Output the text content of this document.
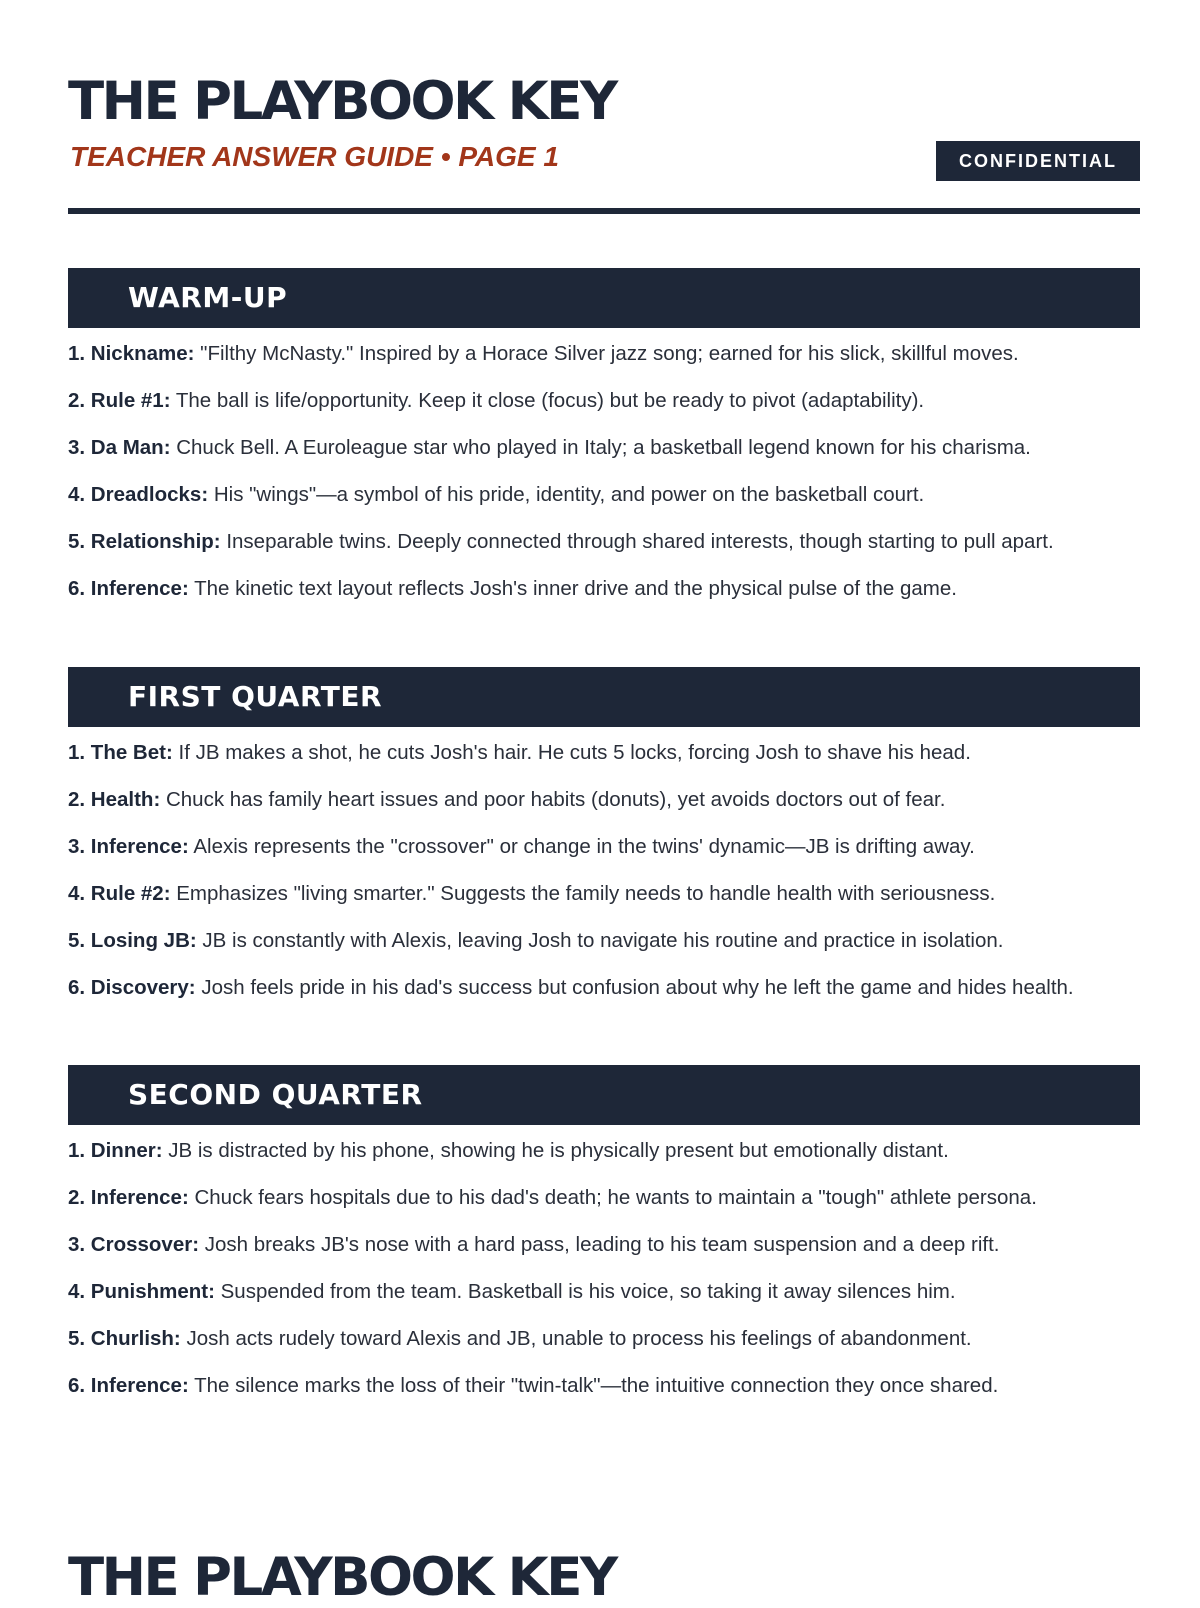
THE PLAYBOOK KEY
TEACHER ANSWER GUIDE • PAGE 1	CONFIDENTIAL
WARM-UP
1. Nickname: "Filthy McNasty." Inspired by a Horace Silver jazz song; earned for his slick, skillful moves.
2. Rule #1: The ball is life/opportunity. Keep it close (focus) but be ready to pivot (adaptability).
3. Da Man: Chuck Bell. A Euroleague star who played in Italy; a basketball legend known for his charisma.
4. Dreadlocks: His "wings"—a symbol of his pride, identity, and power on the basketball court.
5. Relationship: Inseparable twins. Deeply connected through shared interests, though starting to pull apart.
6. Inference: The kinetic text layout reflects Josh's inner drive and the physical pulse of the game.
FIRST QUARTER
1. The Bet: If JB makes a shot, he cuts Josh's hair. He cuts 5 locks, forcing Josh to shave his head.
2. Health: Chuck has family heart issues and poor habits (donuts), yet avoids doctors out of fear.
3. Inference: Alexis represents the "crossover" or change in the twins' dynamic—JB is drifting away.
4. Rule #2: Emphasizes "living smarter." Suggests the family needs to handle health with seriousness.
5. Losing JB: JB is constantly with Alexis, leaving Josh to navigate his routine and practice in isolation.
6. Discovery: Josh feels pride in his dad's success but confusion about why he left the game and hides health.
SECOND QUARTER
1. Dinner: JB is distracted by his phone, showing he is physically present but emotionally distant.
2. Inference: Chuck fears hospitals due to his dad's death; he wants to maintain a "tough" athlete persona.
3. Crossover: Josh breaks JB's nose with a hard pass, leading to his team suspension and a deep rift.
4. Punishment: Suspended from the team. Basketball is his voice, so taking it away silences him.
5. Churlish: Josh acts rudely toward Alexis and JB, unable to process his feelings of abandonment.
6. Inference: The silence marks the loss of their "twin-talk"—the intuitive connection they once shared.
THE PLAYBOOK KEY
